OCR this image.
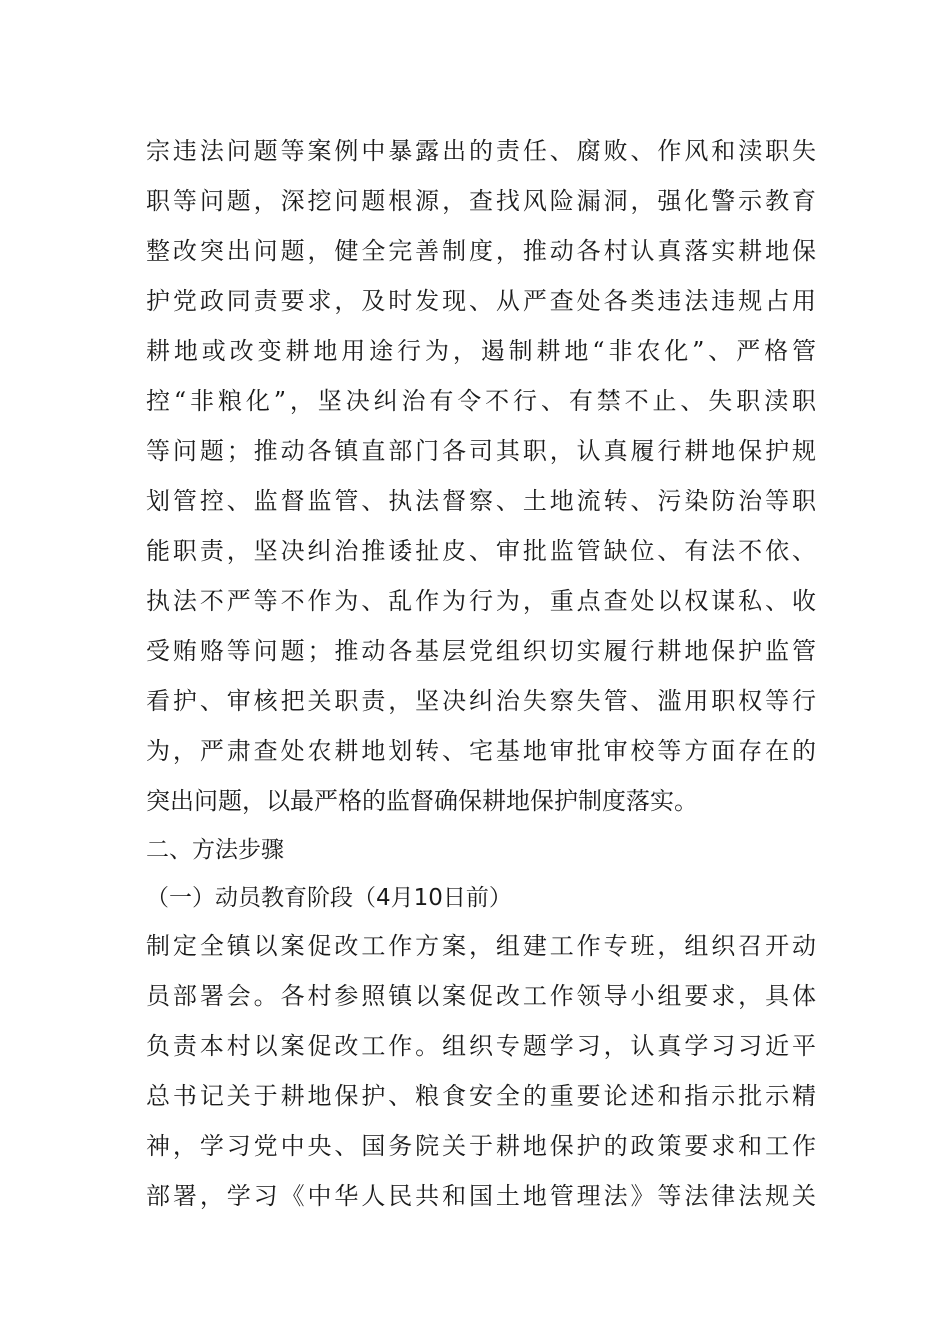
宗违法问题等案例中暴露出的责任、腐败、作风和渎职失
职等问题，深挖问题根源，查找风险漏洞，强化警示教育
整改突出问题，健全完善制度，推动各村认真落实耕地保
护党政同责要求，及时发现、从严查处各类违法违规占用
耕地或改变耕地用途行为，遏制耕地“非农化”、严格管
控“非粮化”，坚决纠治有令不行、有禁不止、失职渎职
等问题；推动各镇直部门各司其职，认真履行耕地保护规
划管控、监督监管、执法督察、土地流转、污染防治等职
能职责，坚决纠治推诿扯皮、审批监管缺位、有法不依、
执法不严等不作为、乱作为行为，重点查处以权谋私、收
受贿赂等问题；推动各基层党组织切实履行耕地保护监管
看护、审核把关职责，坚决纠治失察失管、滥用职权等行
为，严肃查处农耕地划转、宅基地审批审校等方面存在的
突出问题，以最严格的监督确保耕地保护制度落实。
二、方法步骤
（一）动员教育阶段（4月10日前）
制定全镇以案促改工作方案，组建工作专班，组织召开动
员部署会。各村参照镇以案促改工作领导小组要求，具体
负责本村以案促改工作。组织专题学习，认真学习习近平
总书记关于耕地保护、粮食安全的重要论述和指示批示精
神，学习党中央、国务院关于耕地保护的政策要求和工作
部署，学习《中华人民共和国土地管理法》等法律法规关
